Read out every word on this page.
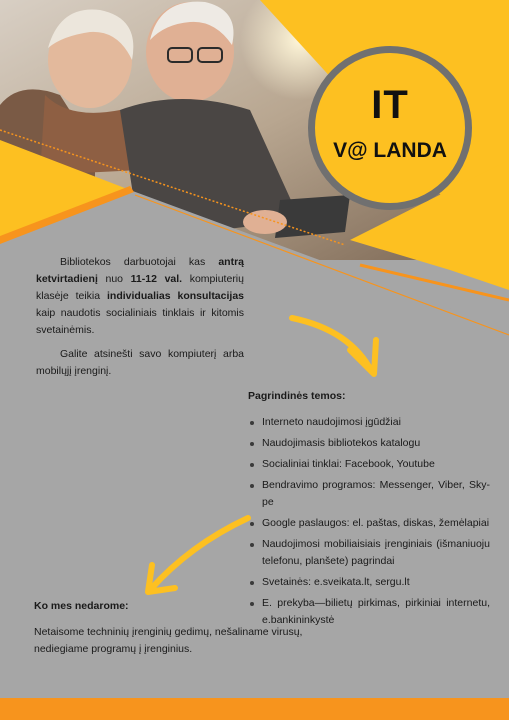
IT
V@ LANDA

Bibliotekos darbuotojai kas antrą ketvirtadienį nuo 11-12 val. kompiuterių klasėje teikia individualias konsultacijas kaip naudotis socialiniais tinklais ir kitomis svetainėmis.

Galite atsinešti savo kompiuterį arba mobilųjį įrenginį.

Pagrindinės temos:
Interneto naudojimosi įgūdžiai
Naudojimasis bibliotekos katalogu
Socialiniai tinklai: Facebook, Youtube
Bendravimo programos: Messenger, Viber, Sky-pe
Google paslaugos: el. paštas, diskas, žemėlapiai
Naudojimosi mobiliaisiais įrenginiais (išmaniuoju telefonu, planšete) pagrindai
Svetainės: e.sveikata.lt, sergu.lt
E. prekyba—bilietų pirkimas, pirkiniai internetu, e.bankininkystė
Ko mes nedarome:

Netaisome techninių įrenginių gedimų, nešaliname virusų, nediegiame programų į įrenginius.
